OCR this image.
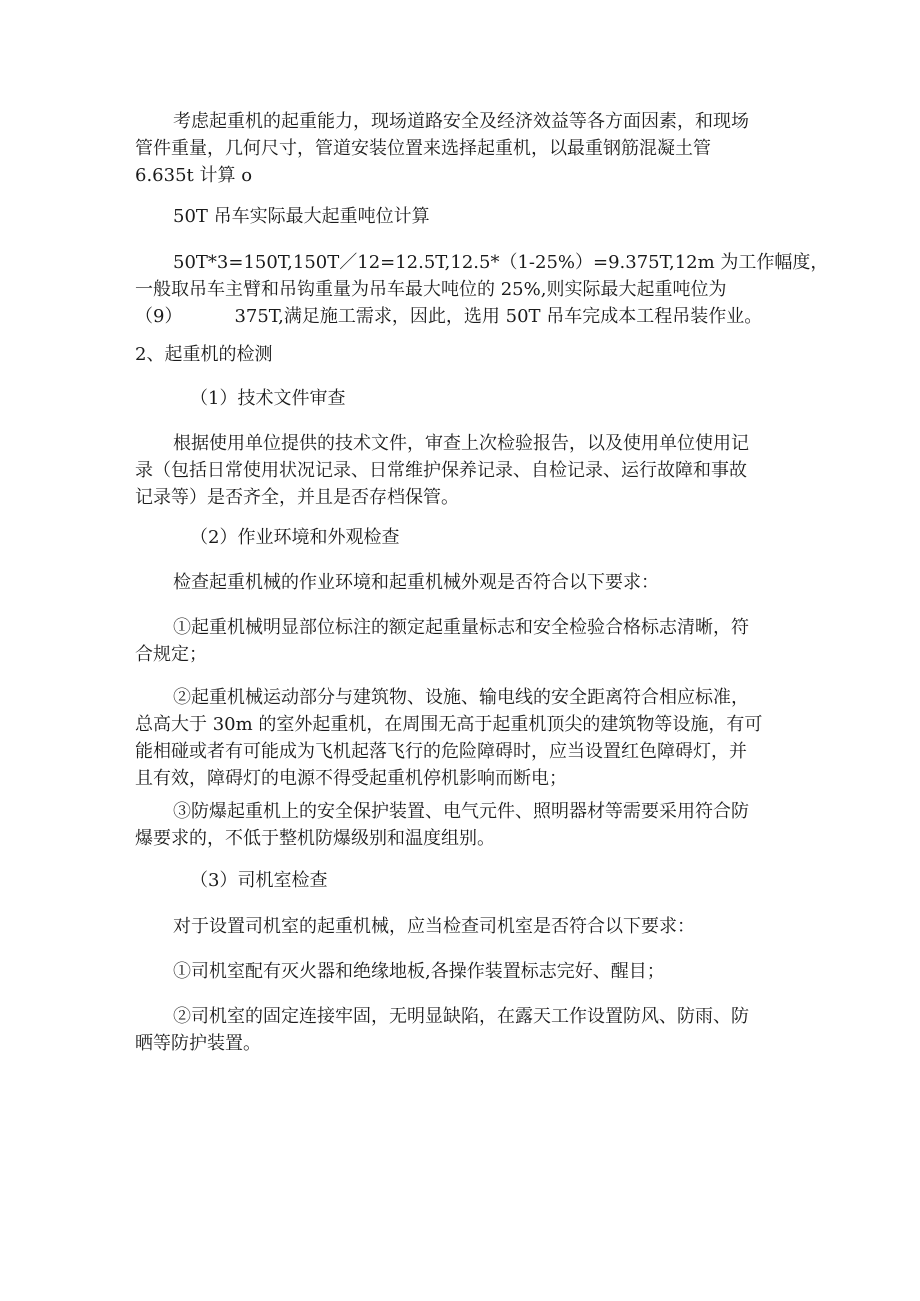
考虑起重机的起重能力，现场道路安全及经济效益等各方面因素，和现场
管件重量，几何尺寸，管道安装位置来选择起重机，以最重钢筋混凝土管
6.635t 计算 o
50T 吊车实际最大起重吨位计算
50T*3=150T,150T／12=12.5T,12.5*（1-25%）=9.375T,12m 为工作幅度，
一般取吊车主臂和吊钩重量为吊车最大吨位的 25%,则实际最大起重吨位为
（9）	375T,满足施工需求，因此，选用 50T 吊车完成本工程吊装作业。
2、起重机的检测
（1）技术文件审查
根据使用单位提供的技术文件，审查上次检验报告，以及使用单位使用记
录（包括日常使用状况记录、日常维护保养记录、自检记录、运行故障和事故
记录等）是否齐全，并且是否存档保管。
（2）作业环境和外观检查
检查起重机械的作业环境和起重机械外观是否符合以下要求：
①起重机械明显部位标注的额定起重量标志和安全检验合格标志清晰，符
合规定；
②起重机械运动部分与建筑物、设施、输电线的安全距离符合相应标准，
总高大于 30m 的室外起重机，在周围无高于起重机顶尖的建筑物等设施，有可
能相碰或者有可能成为飞机起落飞行的危险障碍时，应当设置红色障碍灯，并
且有效，障碍灯的电源不得受起重机停机影响而断电；
③防爆起重机上的安全保护装置、电气元件、照明器材等需要采用符合防
爆要求的，不低于整机防爆级别和温度组别。
（3）司机室检查
对于设置司机室的起重机械，应当检查司机室是否符合以下要求：
①司机室配有灭火器和绝缘地板,各操作装置标志完好、醒目；
②司机室的固定连接牢固，无明显缺陷，在露天工作设置防风、防雨、防
晒等防护装置。
